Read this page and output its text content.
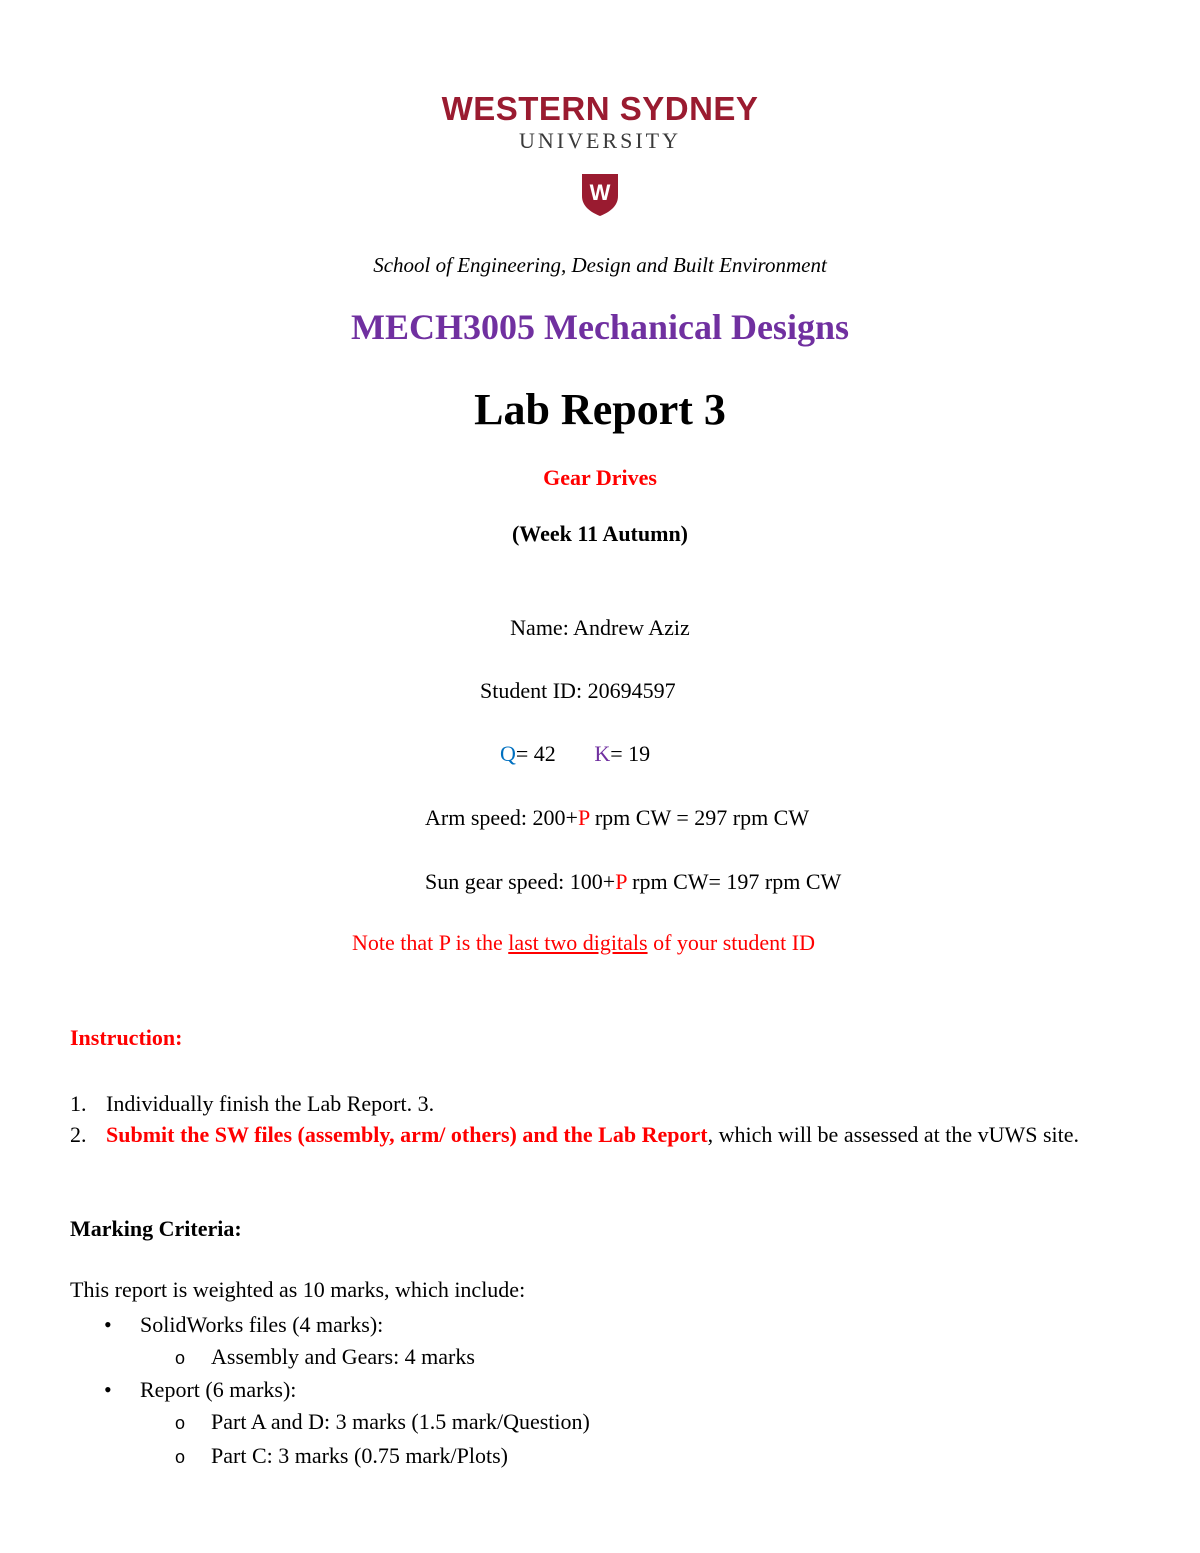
WESTERN SYDNEY
UNIVERSITY
W
School of Engineering, Design and Built Environment
MECH3005 Mechanical Designs
Lab Report 3
Gear Drives
(Week 11 Autumn)
Name: Andrew Aziz
Student ID: 20694597
Q= 42 K= 19
Arm speed: 200+P rpm CW = 297 rpm CW
Sun gear speed: 100+P rpm CW= 197 rpm CW
Note that P is the last two digitals of your student ID
Instruction:
1. Individually finish the Lab Report. 3.
2. Submit the SW files (assembly, arm/ others) and the Lab Report, which will be assessed at the vUWS site.
Marking Criteria:
This report is weighted as 10 marks, which include:
• SolidWorks files (4 marks):
o Assembly and Gears: 4 marks
• Report (6 marks):
o Part A and D: 3 marks (1.5 mark/Question)
o Part C: 3 marks (0.75 mark/Plots)
